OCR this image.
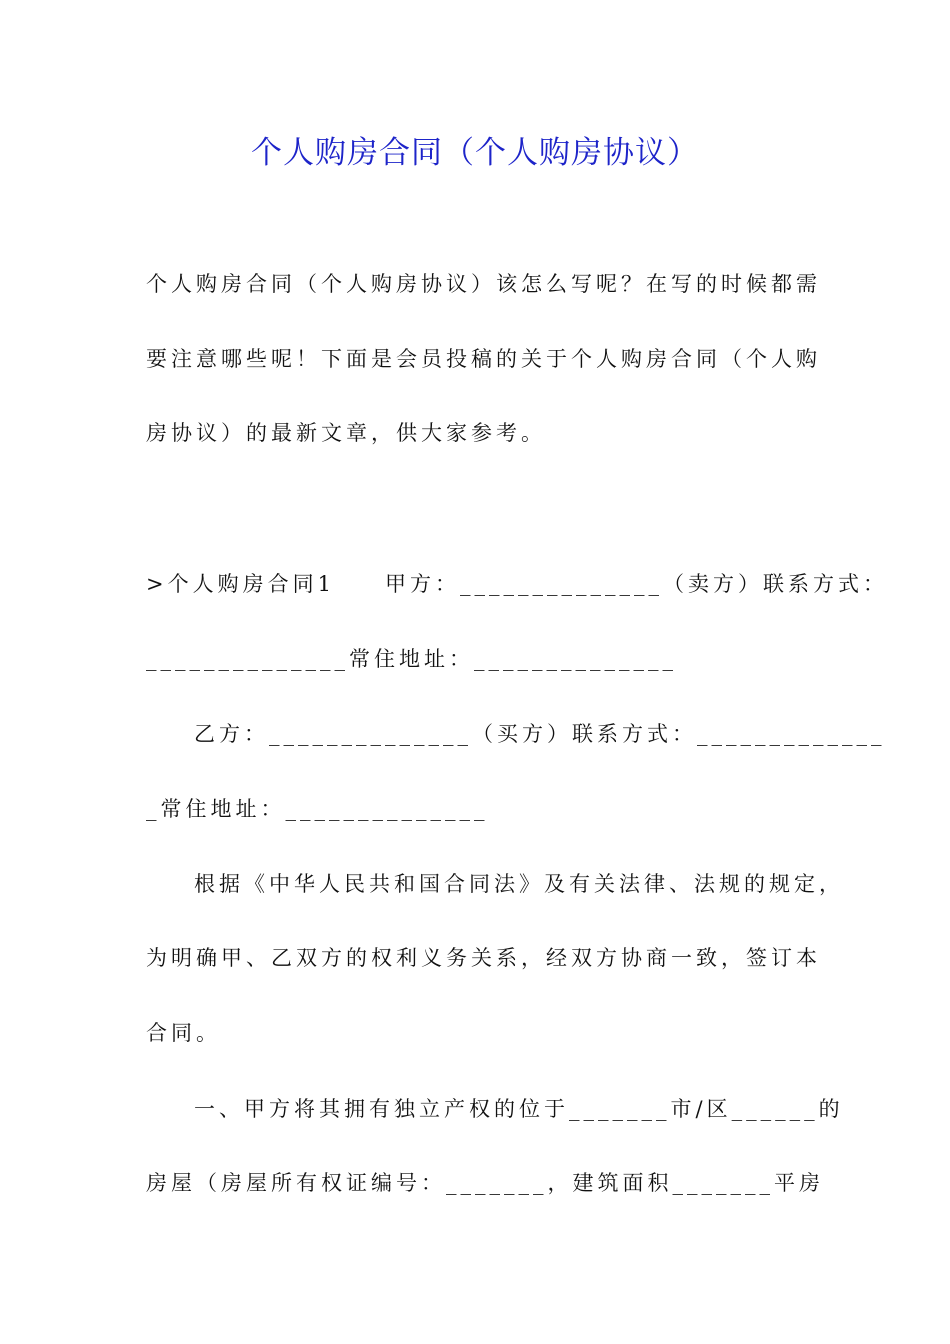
个人购房合同（个人购房协议）

个人购房合同（个人购房协议）该怎么写呢？在写的时候都需

要注意哪些呢！下面是会员投稿的关于个人购房合同（个人购

房协议）的最新文章，供大家参考。

>个人购房合同1　　甲方：______________（卖方）联系方式：

______________常住地址：______________

乙方：______________（买方）联系方式：_____________

_常住地址：______________

根据《中华人民共和国合同法》及有关法律、法规的规定，

为明确甲、乙双方的权利义务关系，经双方协商一致，签订本

合同。

一、甲方将其拥有独立产权的位于_______市/区______的

房屋（房屋所有权证编号：_______，建筑面积_______平房
